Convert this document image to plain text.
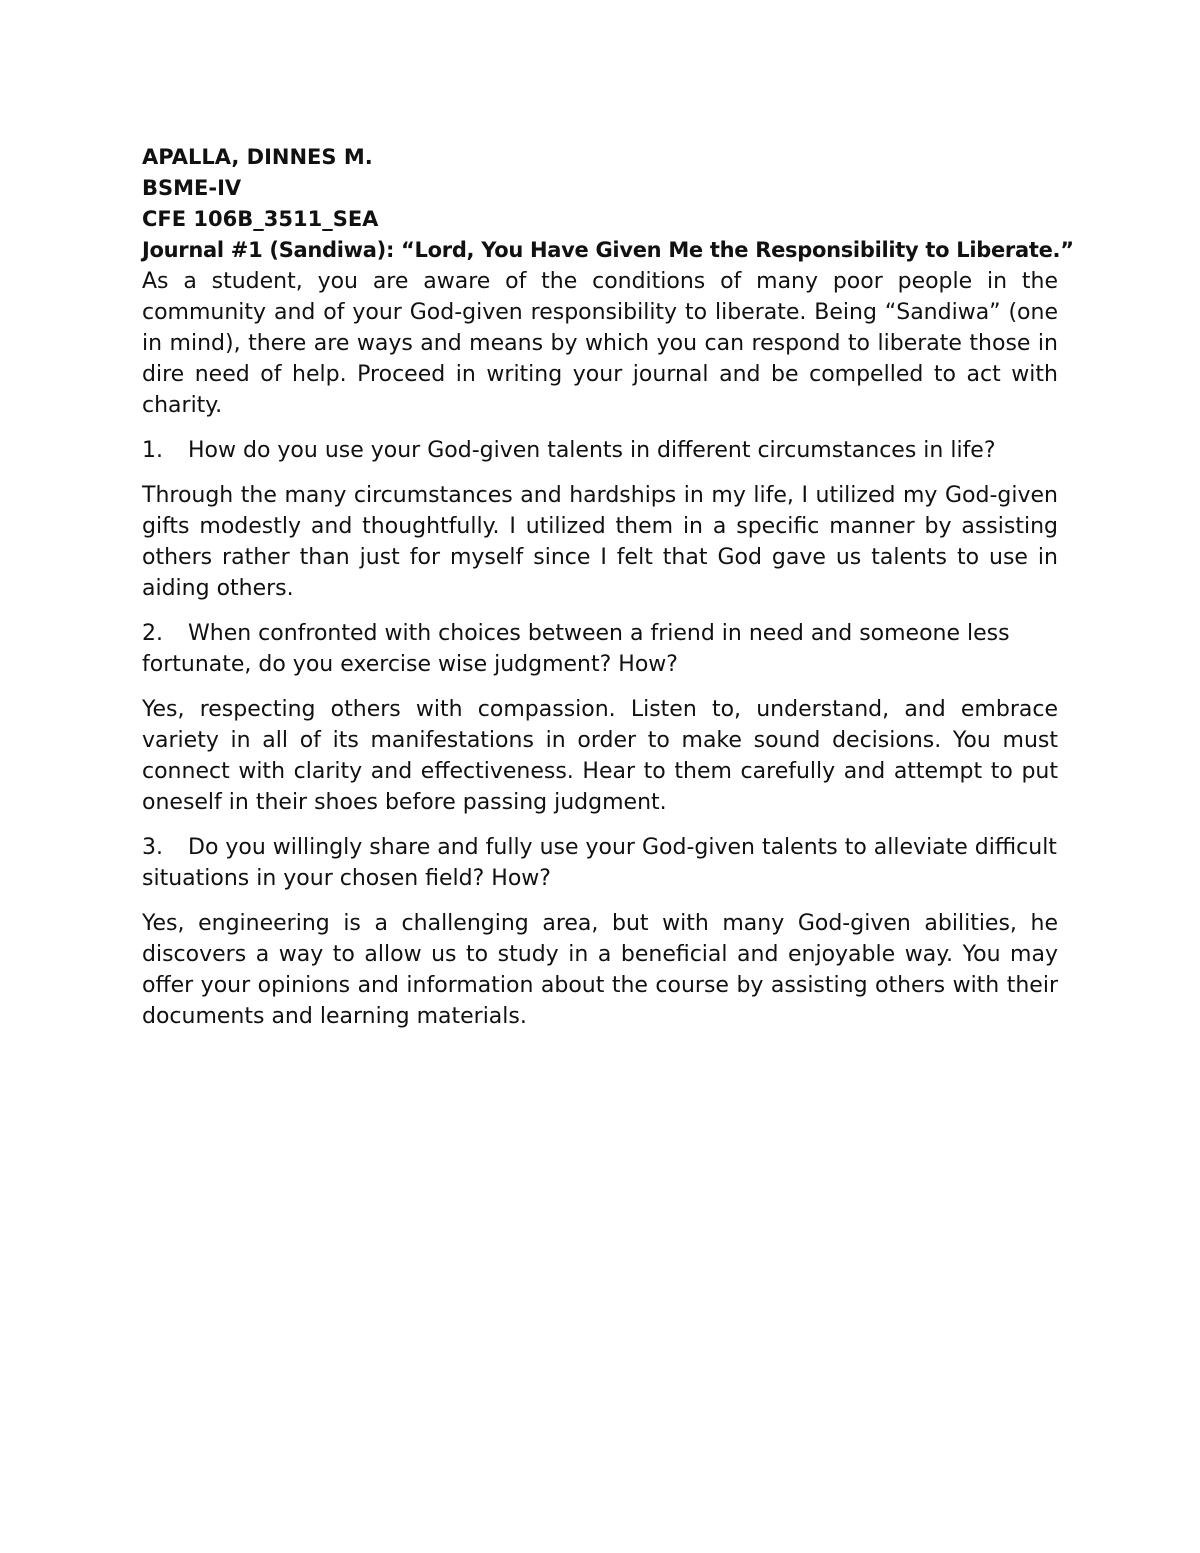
APALLA, DINNES M.
BSME-IV
CFE 106B_3511_SEA
Journal #1 (Sandiwa): “Lord, You Have Given Me the Responsibility to Liberate.”

As a student, you are aware of the conditions of many poor people in the community and of your God-given responsibility to liberate. Being “Sandiwa” (one in mind), there are ways and means by which you can respond to liberate those in dire need of help. Proceed in writing your journal and be compelled to act with charity.

1. How do you use your God-given talents in different circumstances in life?

Through the many circumstances and hardships in my life, I utilized my God-given gifts modestly and thoughtfully. I utilized them in a specific manner by assisting others rather than just for myself since I felt that God gave us talents to use in aiding others.

2. When confronted with choices between a friend in need and someone less fortunate, do you exercise wise judgment? How?

Yes, respecting others with compassion. Listen to, understand, and embrace variety in all of its manifestations in order to make sound decisions. You must connect with clarity and effectiveness. Hear to them carefully and attempt to put oneself in their shoes before passing judgment.

3. Do you willingly share and fully use your God-given talents to alleviate difficult situations in your chosen field? How?

Yes, engineering is a challenging area, but with many God-given abilities, he discovers a way to allow us to study in a beneficial and enjoyable way. You may offer your opinions and information about the course by assisting others with their documents and learning materials.
